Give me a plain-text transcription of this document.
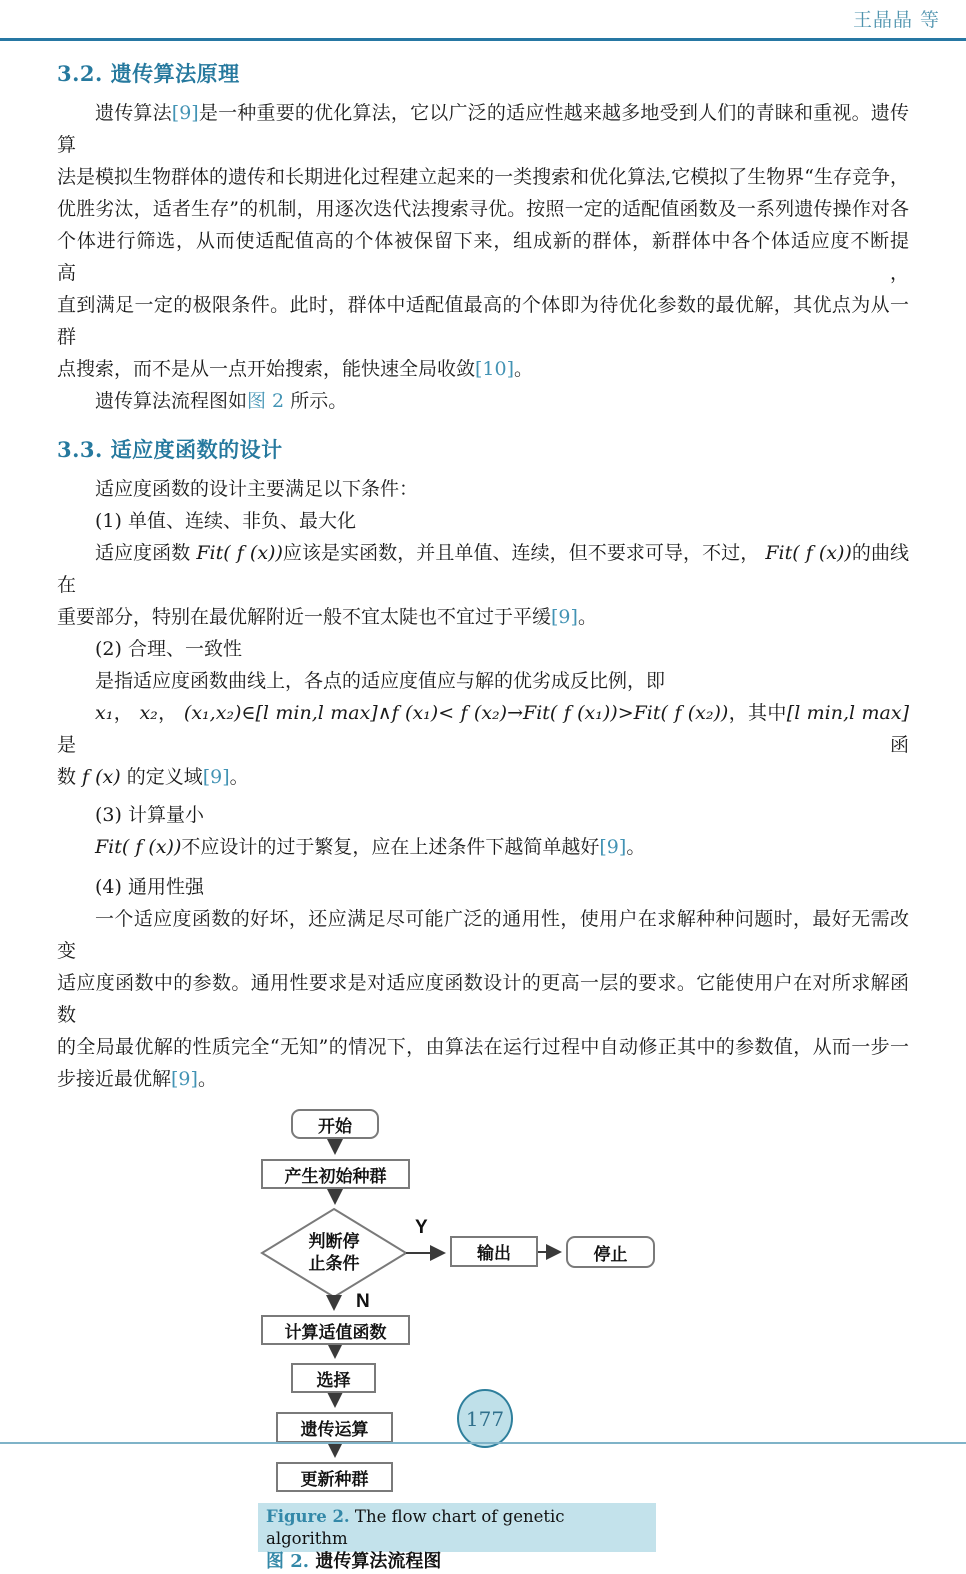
王晶晶 等
3.2. 遗传算法原理
遗传算法[9]是一种重要的优化算法，它以广泛的适应性越来越多地受到人们的青睐和重视。遗传算
法是模拟生物群体的遗传和长期进化过程建立起来的一类搜索和优化算法,它模拟了生物界“生存竞争，
优胜劣汰，适者生存”的机制，用逐次迭代法搜索寻优。按照一定的适配值函数及一系列遗传操作对各
个体进行筛选，从而使适配值高的个体被保留下来，组成新的群体，新群体中各个体适应度不断提高，
直到满足一定的极限条件。此时，群体中适配值最高的个体即为待优化参数的最优解，其优点为从一群
点搜索，而不是从一点开始搜索，能快速全局收敛[10]。
遗传算法流程图如图 2 所示。
3.3. 适应度函数的设计
适应度函数的设计主要满足以下条件：
(1) 单值、连续、非负、最大化
适应度函数 Fit( f (x))应该是实函数，并且单值、连续，但不要求可导，不过， Fit( f (x))的曲线在
重要部分，特别在最优解附近一般不宜太陡也不宜过于平缓[9]。
(2) 合理、一致性
是指适应度函数曲线上，各点的适应度值应与解的优劣成反比例，即
x₁， x₂， (x₁,x₂)∈[l min,l max]∧f (x₁)< f (x₂)→Fit( f (x₁))>Fit( f (x₂))，其中[l min,l max] 是函
数 f (x) 的定义域[9]。
(3) 计算量小
Fit( f (x))不应设计的过于繁复，应在上述条件下越简单越好[9]。
(4) 通用性强
一个适应度函数的好坏，还应满足尽可能广泛的通用性，使用户在求解种种问题时，最好无需改变
适应度函数中的参数。通用性要求是对适应度函数设计的更高一层的要求。它能使用户在对所求解函数
的全局最优解的性质完全“无知”的情况下，由算法在运行过程中自动修正其中的参数值，从而一步一
步接近最优解[9]。
开始
产生初始种群
判断停
止条件
Y
N
输出	停止
计算适值函数
选择
遗传运算
更新种群
Figure 2. The flow chart of genetic algorithm
图 2. 遗传算法流程图
177
